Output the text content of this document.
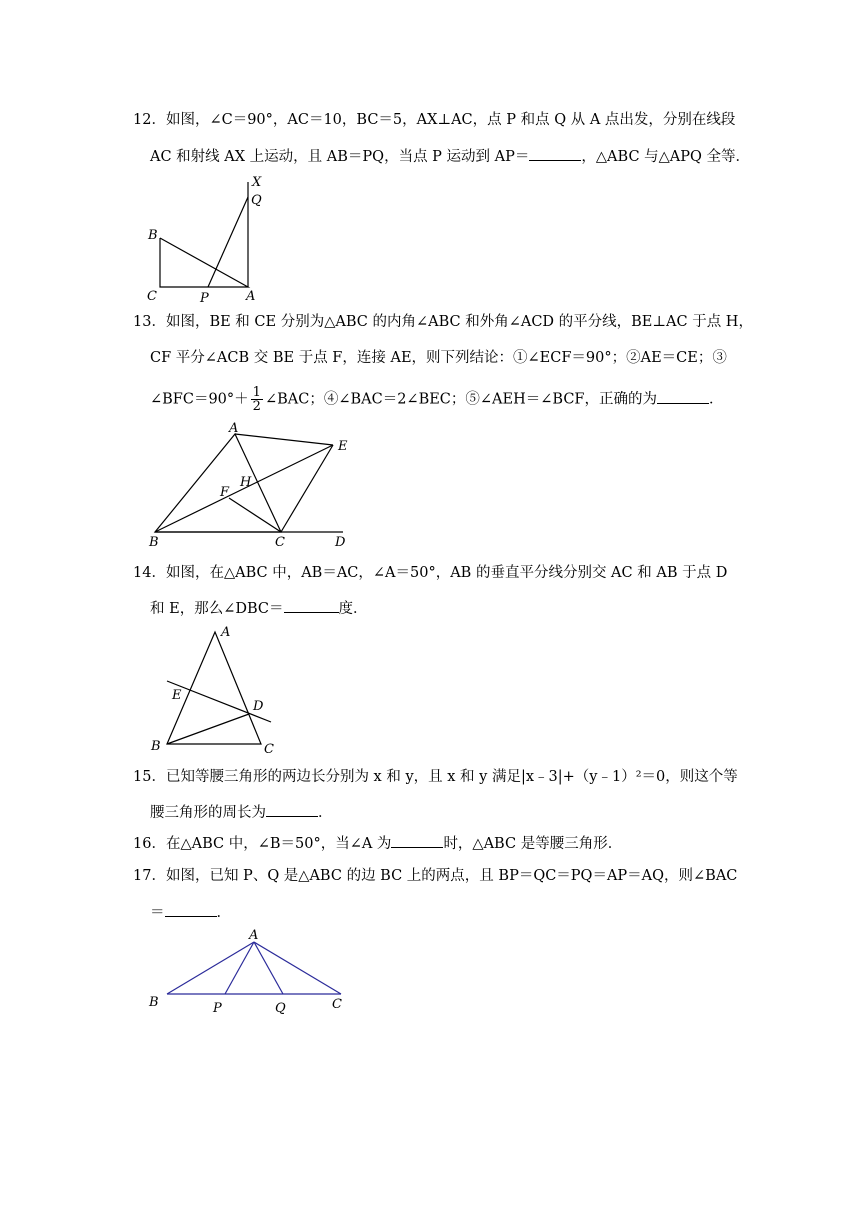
12．如图，∠C＝90°，AC＝10，BC＝5，AX⊥AC，点 P 和点 Q 从 A 点出发，分别在线段
AC 和射线 AX 上运动，且 AB＝PQ，当点 P 运动到 AP＝	，△ABC 与△APQ 全等．
X
Q
B
C	P	A
13．如图，BE 和 CE 分别为△ABC 的内角∠ABC 和外角∠ACD 的平分线，BE⊥AC 于点 H，
CF 平分∠ACB 交 BE 于点 F，连接 AE，则下列结论：①∠ECF＝90°；②AE＝CE；③
∠BFC＝90°＋ $\frac{1}{2}$ ∠BAC；④∠BAC＝2∠BEC；⑤∠AEH＝∠BCF，正确的为	．
A
E
H
F
B	C	D
14．如图，在△ABC 中，AB＝AC，∠A＝50°，AB 的垂直平分线分别交 AC 和 AB 于点 D
和 E，那么∠DBC＝	度．
A
E
D
B	C
15．已知等腰三角形的两边长分别为 x 和 y，且 x 和 y 满足|x﹣3|+（y﹣1）²＝0，则这个等
腰三角形的周长为	．
16．在△ABC 中，∠B＝50°，当∠A 为	时，△ABC 是等腰三角形．
17．如图，已知 P、Q 是△ABC 的边 BC 上的两点，且 BP＝QC＝PQ＝AP＝AQ，则∠BAC
＝	．
A
B	P	Q	C
